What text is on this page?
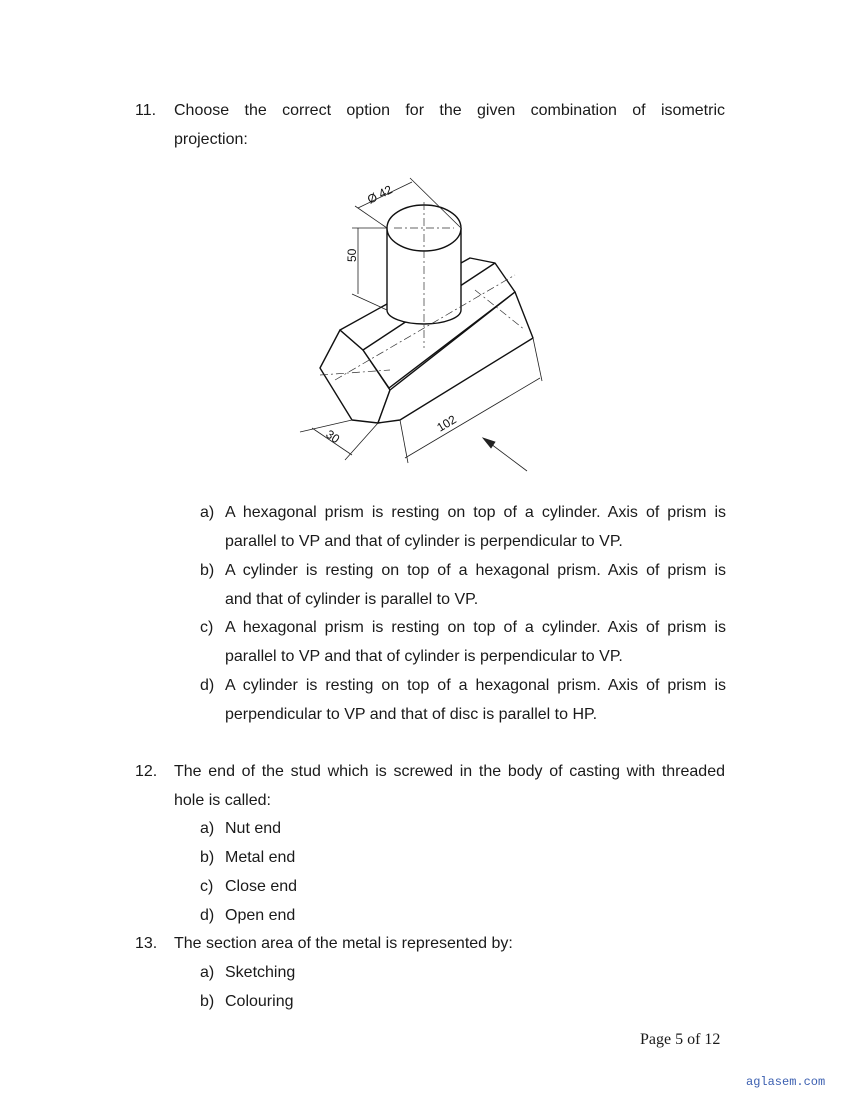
11. Choose the correct option for the given combination of isometric
projection:
Ø 42
50
30
102
a) A hexagonal prism is resting on top of a cylinder. Axis of prism is
parallel to VP and that of cylinder is perpendicular to VP.
b) A cylinder is resting on top of a hexagonal prism. Axis of prism is
and that of cylinder is parallel to VP.
c) A hexagonal prism is resting on top of a cylinder. Axis of prism is
parallel to VP and that of cylinder is perpendicular to VP.
d) A cylinder is resting on top of a hexagonal prism. Axis of prism is
perpendicular to VP and that of disc is parallel to HP.
12. The end of the stud which is screwed in the body of casting with threaded
hole is called:
a) Nut end
b) Metal end
c) Close end
d) Open end
13. The section area of the metal is represented by:
a) Sketching
b) Colouring
Page 5 of 12
aglasem.com
